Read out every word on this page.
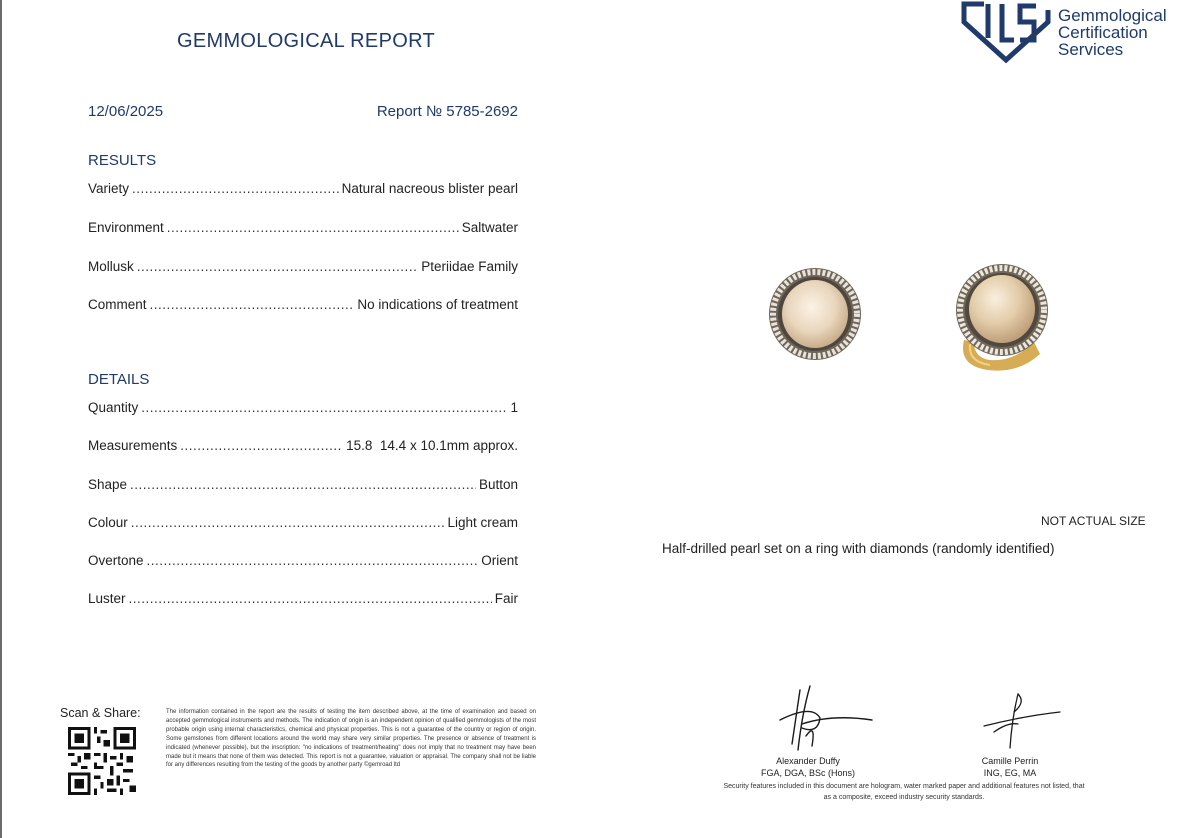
GEMMOLOGICAL REPORT
Gemmological
Certification
Services
12/06/2025	Report № 5785-2692
RESULTS
Variety .....	Natural nacreous blister pearl
Environment .....	Saltwater
Mollusk .....	Pteriidae Family
Comment .....	No indications of treatment
DETAILS
Quantity .....	1
Measurements .....	15.8  14.4 x 10.1mm approx.
Shape .....	Button
Colour .....	Light cream
Overtone .....	Orient
Luster .....	Fair
NOT ACTUAL SIZE
Half-drilled pearl set on a ring with diamonds (randomly identified)
Scan & Share:	The information contained in the report are the results of testing the item described above, at the time of examination and based on accepted gemmological instruments and methods. The indication of origin is an independent opinion of qualified gemmologists of the most probable origin using internal characteristics, chemical and physical properties. This is not a guarantee of the country or region of origin. Some gemstones from different locations around the world may share very similar properties. The presence or absence of treatment is indicated (whenever possible), but the inscription: "no indications of treatment/heating" does not imply that no treatment may have been made but it means that none of them was detected. This report is not a guarantee, valuation or appraisal. The company shall not be liable for any differences resulting from the testing of the goods by another party ©gemroad ltd	Alexander Duffy
FGA, DGA, BSc (Hons)
Camille Perrin
ING, EG, MA
Security features included in this document are hologram, water marked paper and additional features not listed, that as a composite, exceed industry security standards.
